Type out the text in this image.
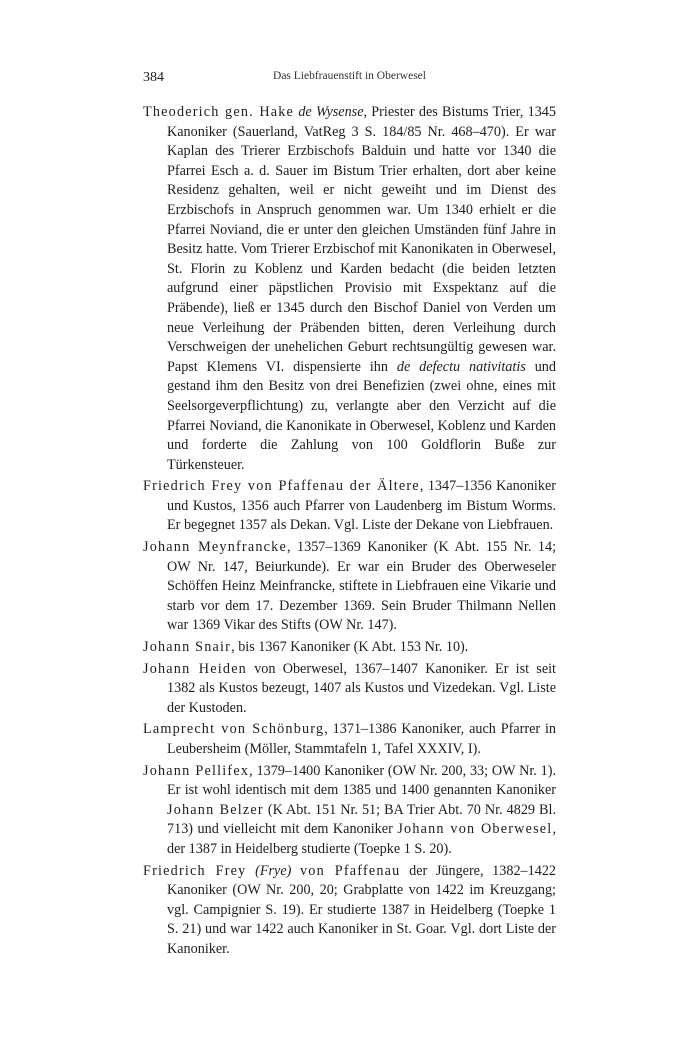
384	Das Liebfrauenstift in Oberwesel

Theoderich gen. Hake de Wysense, Priester des Bistums Trier, 1345 Kanoniker (Sauerland, VatReg 3 S. 184/85 Nr. 468–470). Er war Kaplan des Trierer Erzbischofs Balduin und hatte vor 1340 die Pfarrei Esch a. d. Sauer im Bistum Trier erhalten, dort aber keine Residenz gehalten, weil er nicht geweiht und im Dienst des Erzbischofs in Anspruch genommen war. Um 1340 erhielt er die Pfarrei Noviand, die er unter den gleichen Umständen fünf Jahre in Besitz hatte. Vom Trierer Erzbischof mit Kanonikaten in Oberwesel, St. Florin zu Koblenz und Karden bedacht (die beiden letzten aufgrund einer päpstlichen Provisio mit Exspektanz auf die Präbende), ließ er 1345 durch den Bischof Daniel von Verden um neue Verleihung der Präbenden bitten, deren Verleihung durch Verschweigen der unehelichen Geburt rechtsungültig gewesen war. Papst Klemens VI. dispensierte ihn de defectu nativitatis und gestand ihm den Besitz von drei Benefizien (zwei ohne, eines mit Seelsorgeverpflichtung) zu, verlangte aber den Verzicht auf die Pfarrei Noviand, die Kanonikate in Oberwesel, Koblenz und Karden und forderte die Zahlung von 100 Goldflorin Buße zur Türkensteuer.

Friedrich Frey von Pfaffenau der Ältere, 1347–1356 Kanoniker und Kustos, 1356 auch Pfarrer von Laudenberg im Bistum Worms. Er begegnet 1357 als Dekan. Vgl. Liste der Dekane von Liebfrauen.

Johann Meynfrancke, 1357–1369 Kanoniker (K Abt. 155 Nr. 14; OW Nr. 147, Beiurkunde). Er war ein Bruder des Oberweseler Schöffen Heinz Meinfrancke, stiftete in Liebfrauen eine Vikarie und starb vor dem 17. Dezember 1369. Sein Bruder Thilmann Nellen war 1369 Vikar des Stifts (OW Nr. 147).

Johann Snair, bis 1367 Kanoniker (K Abt. 153 Nr. 10).

Johann Heiden von Oberwesel, 1367–1407 Kanoniker. Er ist seit 1382 als Kustos bezeugt, 1407 als Kustos und Vizedekan. Vgl. Liste der Kustoden.

Lamprecht von Schönburg, 1371–1386 Kanoniker, auch Pfarrer in Leubersheim (Möller, Stammtafeln 1, Tafel XXXIV, I).

Johann Pellifex, 1379–1400 Kanoniker (OW Nr. 200, 33; OW Nr. 1). Er ist wohl identisch mit dem 1385 und 1400 genannten Kanoniker Johann Belzer (K Abt. 151 Nr. 51; BA Trier Abt. 70 Nr. 4829 Bl. 713) und vielleicht mit dem Kanoniker Johann von Oberwesel, der 1387 in Heidelberg studierte (Toepke 1 S. 20).

Friedrich Frey (Frye) von Pfaffenau der Jüngere, 1382–1422 Kanoniker (OW Nr. 200, 20; Grabplatte von 1422 im Kreuzgang; vgl. Campignier S. 19). Er studierte 1387 in Heidelberg (Toepke 1 S. 21) und war 1422 auch Kanoniker in St. Goar. Vgl. dort Liste der Kanoniker.
